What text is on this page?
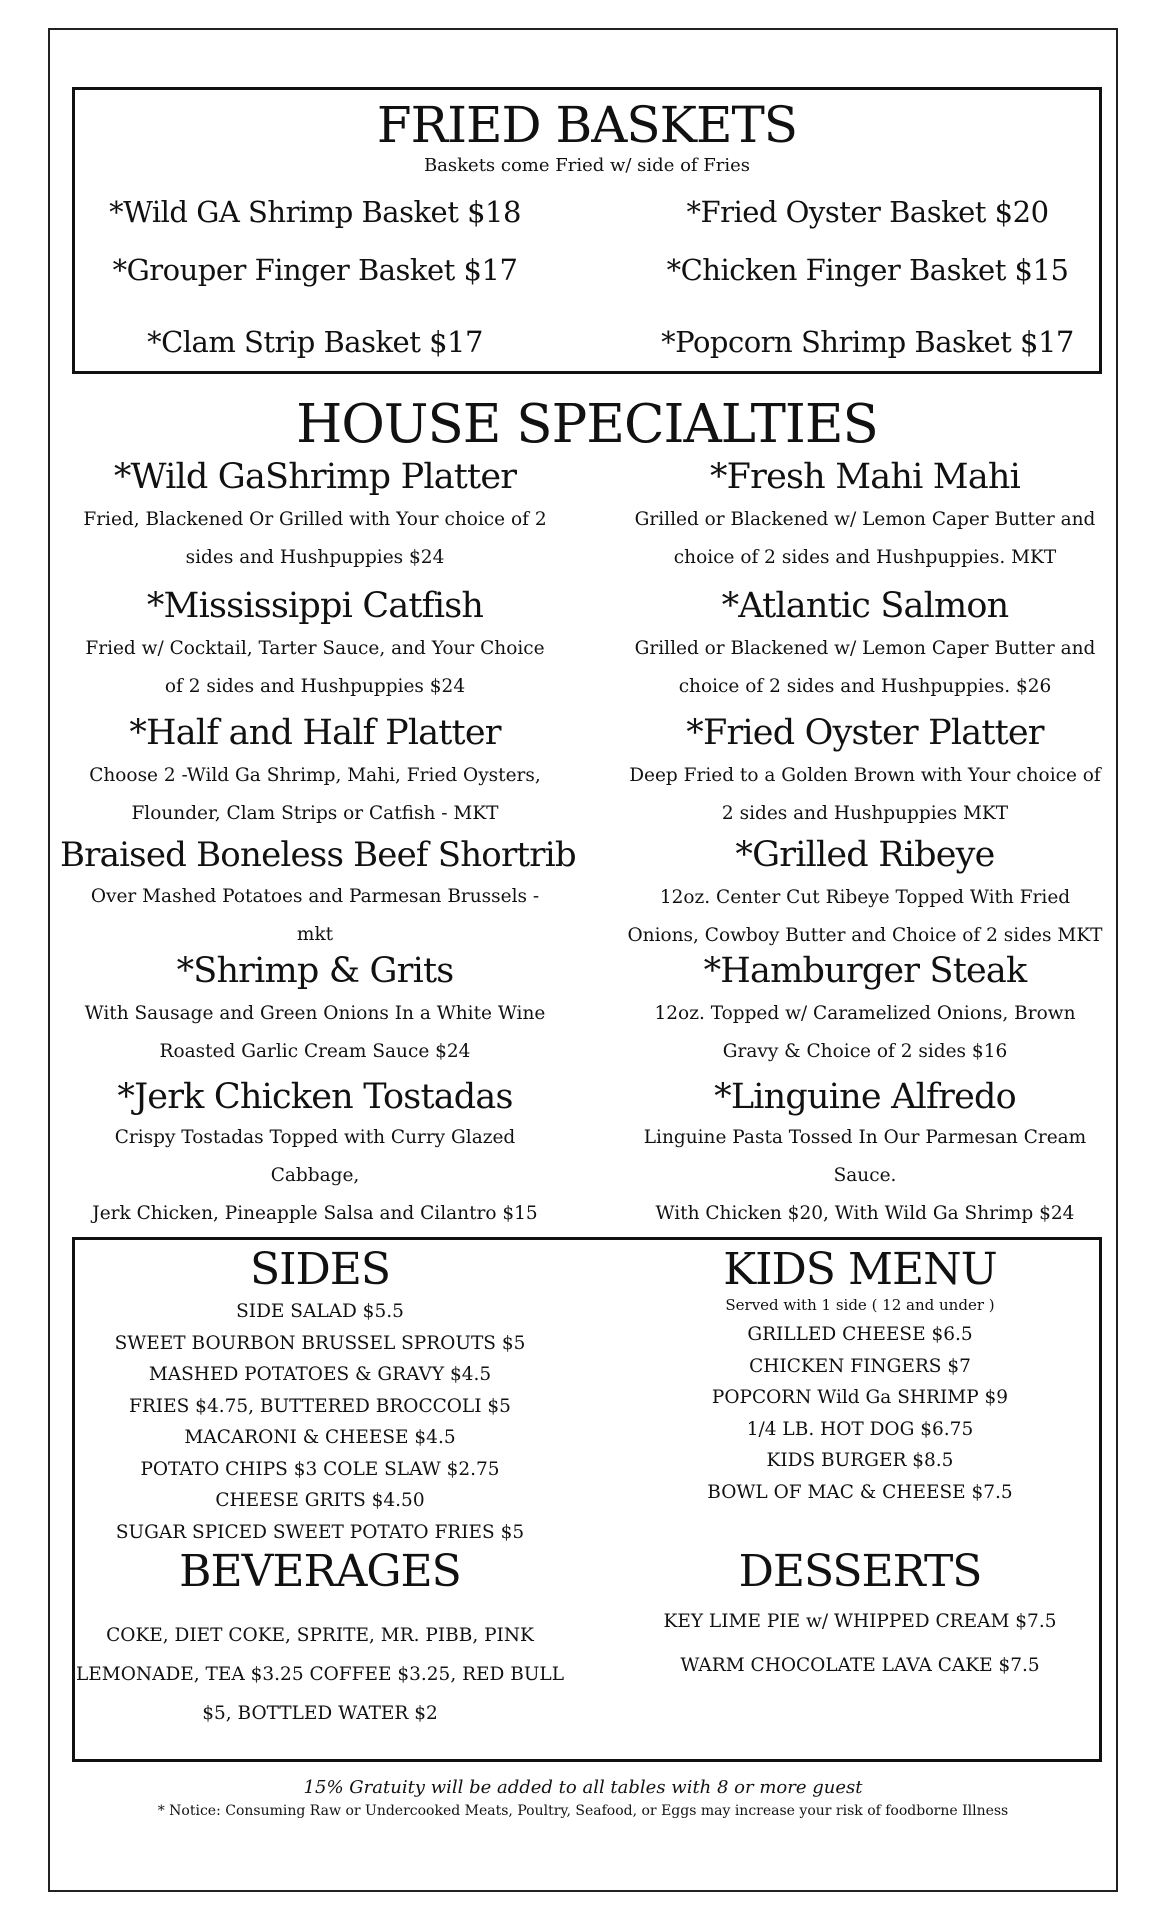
FRIED BASKETS
Baskets come Fried w/ side of Fries
*Wild GA Shrimp Basket $18
*Grouper Finger Basket $17
*Clam Strip Basket $17
*Fried Oyster Basket $20
*Chicken Finger Basket $15
*Popcorn Shrimp Basket $17
HOUSE SPECIALTIES
*Wild GaShrimp Platter
Fried, Blackened Or Grilled with Your choice of 2
sides and Hushpuppies $24
*Mississippi Catfish
Fried w/ Cocktail, Tarter Sauce, and Your Choice
of 2 sides and Hushpuppies $24
*Half and Half Platter
Choose 2 -Wild Ga Shrimp, Mahi, Fried Oysters,
Flounder, Clam Strips or Catfish - MKT
Braised Boneless Beef Shortrib
Over Mashed Potatoes and Parmesan Brussels -
mkt
*Shrimp & Grits
With Sausage and Green Onions In a White Wine
Roasted Garlic Cream Sauce $24
*Jerk Chicken Tostadas
Crispy Tostadas Topped with Curry Glazed Cabbage,
Jerk Chicken, Pineapple Salsa and Cilantro $15
*Fresh Mahi Mahi
Grilled or Blackened w/ Lemon Caper Butter and
choice of 2 sides and Hushpuppies. MKT
*Atlantic Salmon
Grilled or Blackened w/ Lemon Caper Butter and
choice of 2 sides and Hushpuppies. $26
*Fried Oyster Platter
Deep Fried to a Golden Brown with Your choice of
2 sides and Hushpuppies MKT
*Grilled Ribeye
12oz. Center Cut Ribeye Topped With Fried
Onions, Cowboy Butter and Choice of 2 sides MKT
*Hamburger Steak
12oz. Topped w/ Caramelized Onions, Brown
Gravy & Choice of 2 sides $16
*Linguine Alfredo
Linguine Pasta Tossed In Our Parmesan Cream Sauce.
With Chicken $20, With Wild Ga Shrimp $24
SIDES
SIDE SALAD $5.5
SWEET BOURBON BRUSSEL SPROUTS $5
MASHED POTATOES & GRAVY $4.5
FRIES $4.75, BUTTERED BROCCOLI $5
MACARONI & CHEESE $4.5
POTATO CHIPS $3 COLE SLAW $2.75
CHEESE GRITS $4.50
SUGAR SPICED SWEET POTATO FRIES $5
KIDS MENU
Served with 1 side ( 12 and under )
GRILLED CHEESE $6.5
CHICKEN FINGERS $7
POPCORN Wild Ga SHRIMP $9
1/4 LB. HOT DOG $6.75
KIDS BURGER $8.5
BOWL OF MAC & CHEESE $7.5
BEVERAGES
COKE, DIET COKE, SPRITE, MR. PIBB, PINK
LEMONADE, TEA $3.25 COFFEE $3.25, RED BULL
$5, BOTTLED WATER $2
DESSERTS
KEY LIME PIE w/ WHIPPED CREAM $7.5
WARM CHOCOLATE LAVA CAKE $7.5
15% Gratuity will be added to all tables with 8 or more guest
* Notice: Consuming Raw or Undercooked Meats, Poultry, Seafood, or Eggs may increase your risk of foodborne Illness
